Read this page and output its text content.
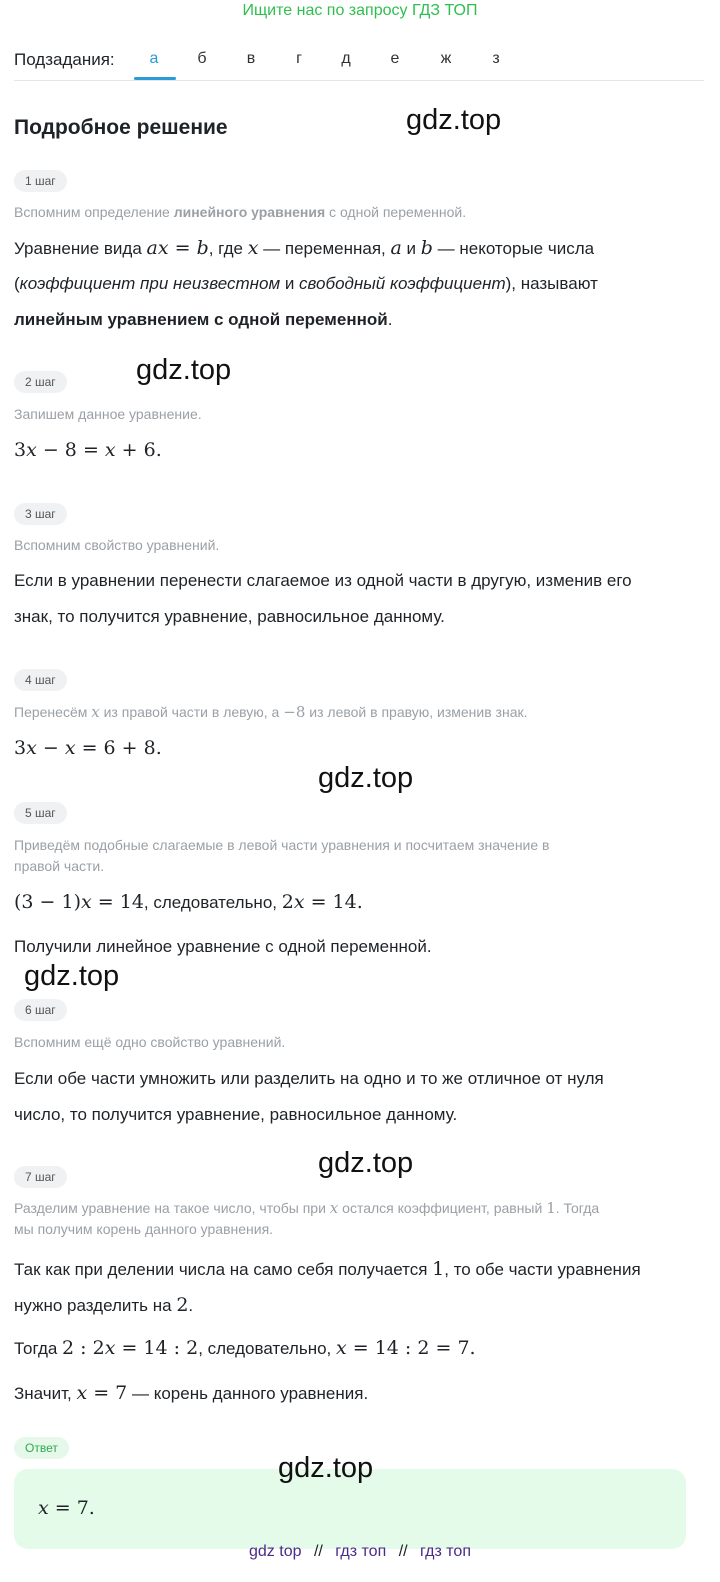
Ищите нас по запросу ГДЗ ТОП
Подзадания:	а	б	в	г	д	е	ж	з
Подробное решение	gdz.top
1 шаг
Вспомним определение линейного уравнения с одной переменной.
Уравнение вида ax = b, где x — переменная, a и b — некоторые числа
(коэффициент при неизвестном и свободный коэффициент), называют
линейным уравнением с одной переменной.
2 шаг	gdz.top
Запишем данное уравнение.
3x − 8 = x + 6.
3 шаг
Вспомним свойство уравнений.
Если в уравнении перенести слагаемое из одной части в другую, изменив его
знак, то получится уравнение, равносильное данному.
4 шаг
Перенесём x из правой части в левую, а −8 из левой в правую, изменив знак.
3x − x = 6 + 8.
gdz.top
5 шаг
Приведём подобные слагаемые в левой части уравнения и посчитаем значение в
правой части.
(3 − 1)x = 14, следовательно, 2x = 14.
Получили линейное уравнение с одной переменной.
gdz.top
6 шаг
Вспомним ещё одно свойство уравнений.
Если обе части умножить или разделить на одно и то же отличное от нуля
число, то получится уравнение, равносильное данному.
7 шаг	gdz.top
Разделим уравнение на такое число, чтобы при x остался коэффициент, равный 1. Тогда
мы получим корень данного уравнения.
Так как при делении числа на само себя получается 1, то обе части уравнения
нужно разделить на 2.
Тогда 2 : 2x = 14 : 2, следовательно, x = 14 : 2 = 7.
Значит, x = 7 — корень данного уравнения.
Ответ
x = 7.
gdz.top
gdz top // гдз топ // гдз топ
